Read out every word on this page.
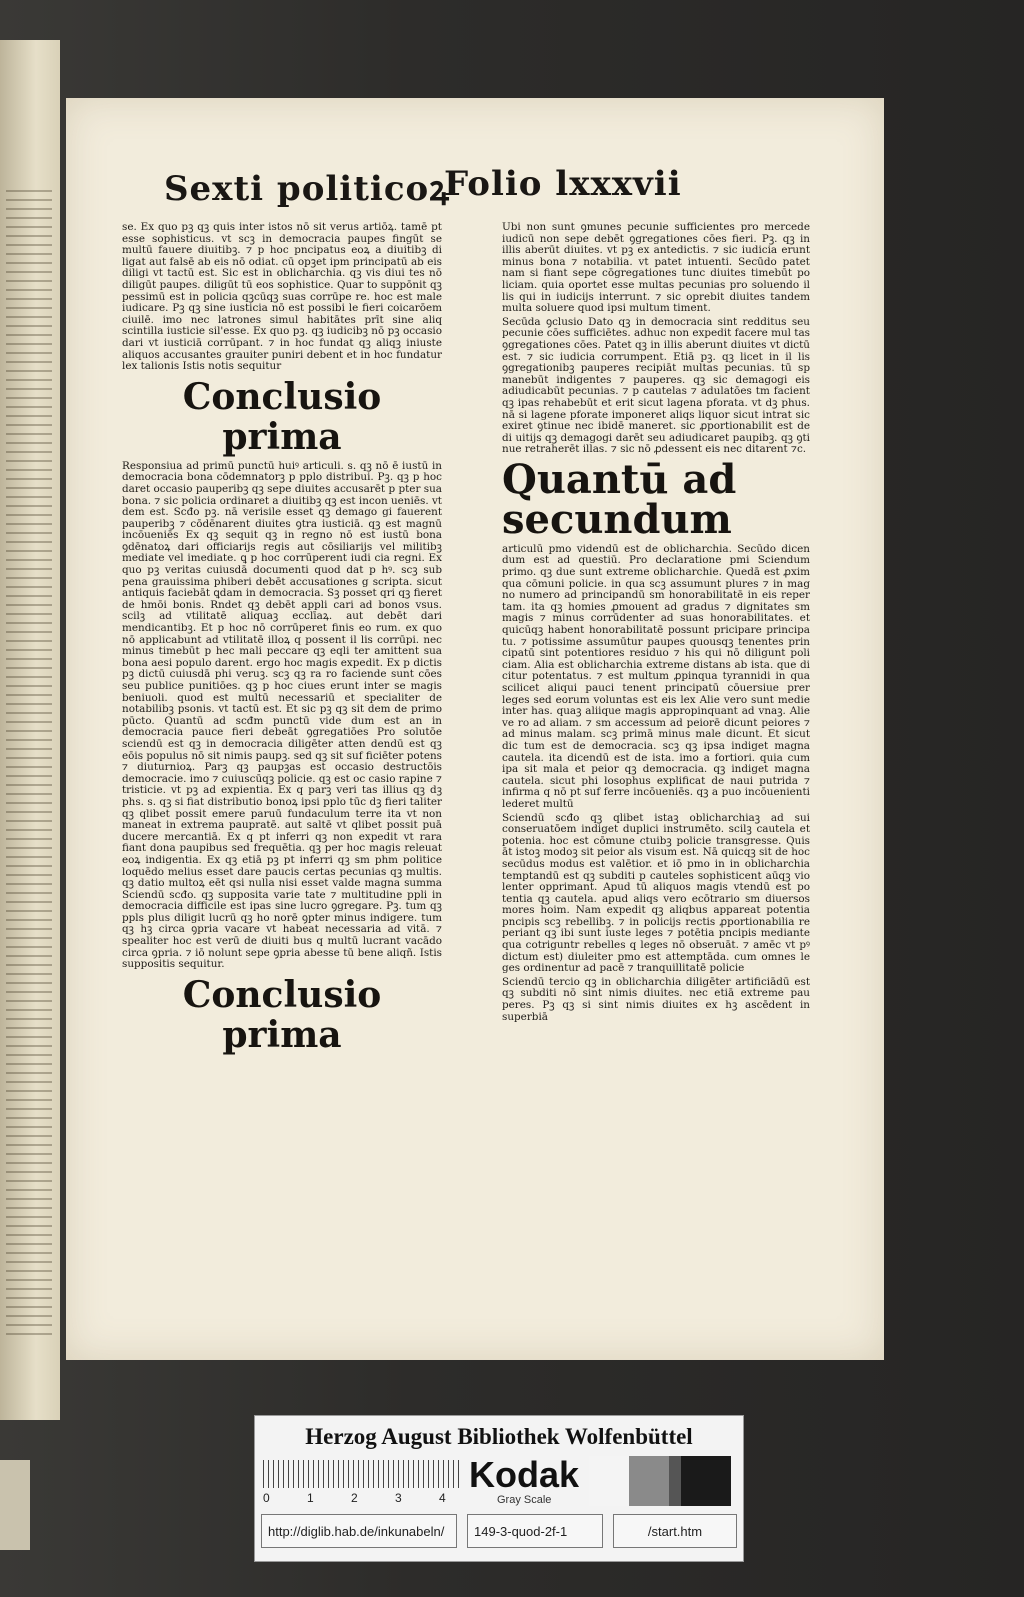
Sexti politicoꝝ
Folio lxxxvii

se. Ex quo pꝫ qꝫ quis inter istos nō sit verus artiōꝝ. tamē pt esse sophisticus. vt scꝫ in democracia paupes fingūt se multū fauere diuitibꝫ. ⁊ p hoc pncipatus eoꝝ a diuitibꝫ di ligat aut falsē ab eis nō odiat. cū opꝫet ipm principatū ab eis diligi vt tactū est. Sic est in oblicharchia. qꝫ vis diui tes nō diligūt paupes. diligūt tū eos sophistice. Quar to suppōnit qꝫ pessimū est in policia qꝫcūqꝫ suas corrūpe re. hoc est male iudicare. Pꝫ qꝫ sine iusticia nō est possibi le fieri coicarōem ciuilē. imo nec latrones simul habitātes prīt sine aliq scintilla iusticie sil'esse. Ex quo pꝫ. qꝫ iudicibꝫ nō pꝫ occasio dari vt iusticiā corrūpant. ⁊ in hoc fundat qꝫ aliqꝫ iniuste aliquos accusantes grauiter puniri debent et in hoc fundatur lex talionis Istis notis sequitur

Conclusio prima

Responsiua ad primū punctū huiꝰ articuli. s. qꝫ nō ē iustū in democracia bona cōdemnatorꝫ p pplo distribui. Pꝫ. qꝫ p hoc daret occasio pauperibꝫ qꝫ sepe diuites accusarēt p pter sua bona. ⁊ sic policia ordinaret a diuitibꝫ qꝫ est incon ueniēs. vt dem est. Scđo pꝫ. nā verisile esset qꝫ demago gi fauerent pauperibꝫ ⁊ cōdēnarent diuites ꝯtra iusticiā. qꝫ est magnū incōueniēs Ex qꝫ sequit qꝫ in regno nō est iustū bona ꝯdēnatoꝝ dari officiarijs regis aut cōsiliarijs vel militibꝫ mediate vel imediate. ꝗ p hoc corrūperent iudi cia regni. Ex quo pꝫ veritas cuiusdā documenti quod dat p hꝰ. scꝫ sub pena grauissima phiberi debēt accusationes g scripta. sicut antiquis faciebāt ꝗdam in democracia. Sꝫ posset qri qꝫ fieret de hmōi bonis. Rndet qꝫ debēt appli cari ad bonos vsus. scilꝫ ad vtilitatē aliquaꝫ ecclīaꝝ. aut debēt dari mendicantibꝫ. Et p hoc nō corrūperet finis eo rum. ex quo nō applicabunt ad vtilitatē illoꝝ q possent il lis corrūpi. nec minus timebūt p hec mali peccare qꝫ eqli ter amittent sua bona aesi populo darent. ergo hoc magis expedit. Ex p dictis pꝫ dictū cuiusdā phi veruꝫ. scꝫ qꝫ ra ro faciende sunt cōes seu publice punitiōes. qꝫ p hoc ciues erunt inter se magis beniuoli. quod est multū necessariū et specialiter de notabilibꝫ psonis. vt tactū est. Et sic pꝫ qꝫ sit dem de primo pūcto. Quantū ad scđm punctū vide dum est an in democracia pauce fieri debeāt ꝯgregatiōes Pro solutōe sciendū est qꝫ in democracia diligēter atten dendū est qꝫ eōis populus nō sit nimis paupꝫ. sed qꝫ sit suf ficiēter potens ⁊ diuturnioꝝ. Parꝫ qꝫ paupꝫas est occasio destructōis democracie. imo ⁊ cuiuscūqꝫ policie. qꝫ est oc casio rapine ⁊ tristicie. vt pꝫ ad expientia. Ex q parꝫ veri tas illius qꝫ dꝫ phs. s. qꝫ si fiat distributio bonoꝝ ipsi pplo tūc dꝫ fieri taliter qꝫ qlibet possit emere paruū fundaculum terre ita vt non maneat in extrema paupratē. aut saltē vt qlibet possit puā ducere mercantiā. Ex q pt inferri qꝫ non expedit vt rara fiant dona paupibus sed frequētia. qꝫ per hoc magis releuat eoꝝ indigentia. Ex qꝫ etiā pꝫ pt inferri qꝫ sm phm politice loquēdo melius esset dare paucis certas pecunias qꝫ multis. qꝫ datio multoꝝ eēt qsi nulla nisi esset valde magna summa Sciendū scđo. qꝫ supposita varie tate ⁊ multitudine ppli in democracia difficile est ipas sine lucro ꝯgregare. Pꝫ. tum qꝫ ppls plus diligit lucrū qꝫ ho norē ꝯpter minus indigere. tum qꝫ hꝫ circa ꝯpria vacare vt habeat necessaria ad vitā. ⁊ spealiter hoc est verū de diuiti bus q multū lucrant vacādo circa ꝯpria. ⁊ iō nolunt sepe ꝯpria abesse tū bene aliqñ. Istis suppositis sequitur.

Conclusio prima

Ubi non sunt ꝯmunes pecunie sufficientes pro mercede iudicū non sepe debēt ꝯgregationes cōes fieri. Pꝫ. qꝫ in illis aberūt diuites. vt pꝫ ex antedictis. ⁊ sic iudicia erunt minus bona ⁊ notabilia. vt patet intuenti. Secūdo patet nam si fiant sepe cōgregationes tunc diuites timebūt po liciam. quia oportet esse multas pecunias pro soluendo il lis qui in iudicijs interrunt. ⁊ sic oprebit diuites tandem multa soluere quod ipsi multum timent.

Secūda ꝯclusio Dato qꝫ in democracia sint redditus seu pecunie cōes sufficiētes. adhuc non expedit facere mul tas ꝯgregationes cōes. Patet qꝫ in illis aberunt diuites vt dictū est. ⁊ sic iudicia corrumpent. Etiā pꝫ. qꝫ licet in il lis ꝯgregationibꝫ pauperes recipiāt multas pecunias. tū sp manebūt indigentes ⁊ pauperes. qꝫ sic demagogi eis adiudicabūt pecunias. ⁊ p cautelas ⁊ adulatōes tm facient qꝫ ipas rehabebūt et erit sicut lagena pforata. vt dꝫ phus. nā si lagene pforate imponeret aliqs liquor sicut intrat sic exiret ꝯtinue nec ibidē maneret. sic ꝓportionabilit est de di uitijs qꝫ demagogi darēt seu adiudicaret paupibꝫ. qꝫ ꝯti nue retraherēt illas. ⁊ sic nō ꝓdessent eis nec ditarent ⁊c.

Quantū ad secundum

articulū pmo videndū est de oblicharchia. Secūdo dicen dum est ad questiū. Pro declaratione pmi Sciendum primo. qꝫ due sunt extreme oblicharchie. Quedā est ꝓxim qua cōmuni policie. in qua scꝫ assumunt plures ⁊ in mag no numero ad principandū sm honorabilitatē in eis reper tam. ita qꝫ homies ꝓmouent ad gradus ⁊ dignitates sm magis ⁊ minus corrūdenter ad suas honorabilitates. et quicūqꝫ habent honorabilitatē possunt pricipare principa tu. ⁊ potissime assumūtur paupes quousqꝫ tenentes prin cipatū sint potentiores residuo ⁊ his qui nō diligunt poli ciam. Alia est oblicharchia extreme distans ab ista. que di citur potentatus. ⁊ est multum ꝓpinqua tyrannidi in qua scilicet aliqui pauci tenent principatū cōuersiue prer leges sed eorum voluntas est eis lex Alie vero sunt medie inter has. quaꝫ aliique magis appropinquant ad vnaꝫ. Alie ve ro ad aliam. ⁊ sm accessum ad peiorē dicunt peiores ⁊ ad minus malam. scꝫ primā minus male dicunt. Et sicut dic tum est de democracia. scꝫ qꝫ ipsa indiget magna cautela. ita dicendū est de ista. imo a fortiori. quia cum ipa sit mala et peior qꝫ democracia. qꝫ indiget magna cautela. sicut phi losophus explificat de naui putrida ⁊ infirma q nō pt suf ferre incōueniēs. qꝫ a puo incōuenienti lederet multū

Sciendū scđo qꝫ qlibet istaꝫ oblicharchiaꝫ ad sui conseruatōem indiget duplici instrumēto. scilꝫ cautela et potenia. hoc est cōmune ctuibꝫ policie transgresse. Quis āt istoꝫ modoꝫ sit peior als visum est. Nā quicqꝫ sit de hoc secūdus modus est valētior. et iō pmo in in oblicharchia temptandū est qꝫ subditi p cauteles sophisticent aūqꝫ vio lenter opprimant. Apud tū aliquos magis vtendū est po tentia qꝫ cautela. apud aliqs vero ecōtrario sm diuersos mores hoim. Nam expedit qꝫ aliqbus appareat potentia pncipis scꝫ rebellibꝫ. ⁊ in policijs rectis ꝓportionabilia re periant qꝫ ibi sunt iuste leges ⁊ potētia pncipis mediante qua cotriguntr rebelles q leges nō obseruāt. ⁊ amēc vt pꝰ dictum est) diuleiter pmo est attemptāda. cum omnes le ges ordinentur ad pacē ⁊ tranquillitatē policie

Sciendū tercio qꝫ in oblicharchia diligēter artificiādū est qꝫ subditi nō sint nimis diuites. nec etiā extreme pau peres. Pꝫ qꝫ si sint nimis diuites ex hꝫ ascēdent in superbiā

Herzog August Bibliothek Wolfenbüttel
0	1	2	3	4
Kodak
Gray Scale
http://diglib.hab.de/inkunabeln/	149-3-quod-2f-1	/start.htm
